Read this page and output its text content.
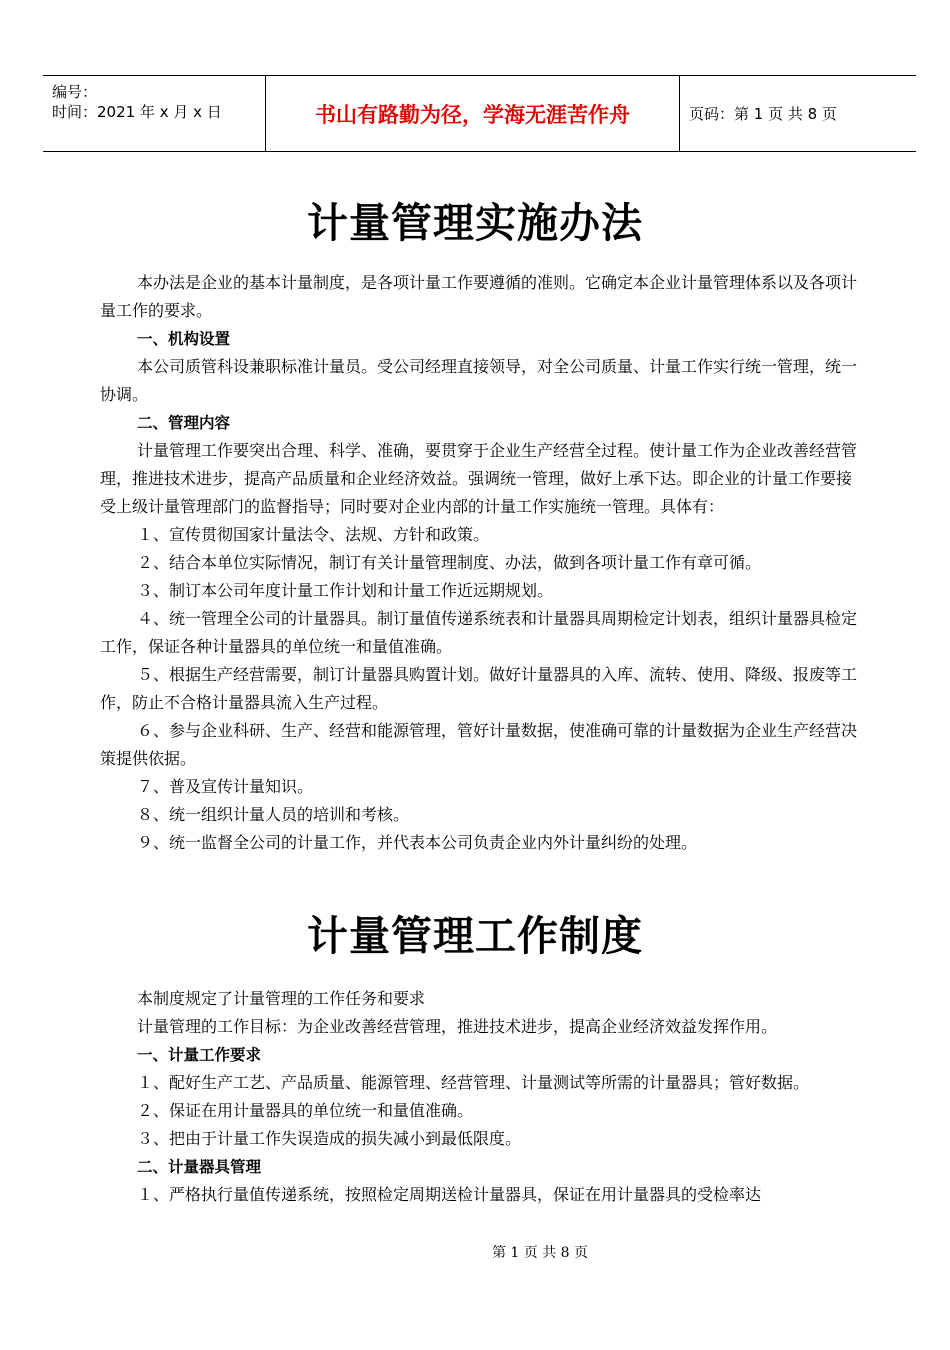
编号：
时间：2021 年 x 月 x 日	书山有路勤为径，学海无涯苦作舟	页码：第 1 页 共 8 页
计量管理实施办法

本办法是企业的基本计量制度，是各项计量工作要遵循的准则。它确定本企业计量管理体系以及各项计量工作的要求。

一、机构设置

本公司质管科设兼职标准计量员。受公司经理直接领导，对全公司质量、计量工作实行统一管理，统一协调。

二、管理内容

计量管理工作要突出合理、科学、准确，要贯穿于企业生产经营全过程。使计量工作为企业改善经营管理，推进技术进步，提高产品质量和企业经济效益。强调统一管理，做好上承下达。即企业的计量工作要接受上级计量管理部门的监督指导；同时要对企业内部的计量工作实施统一管理。具体有：

１、宣传贯彻国家计量法令、法规、方针和政策。

２、结合本单位实际情况，制订有关计量管理制度、办法，做到各项计量工作有章可循。

３、制订本公司年度计量工作计划和计量工作近远期规划。

４、统一管理全公司的计量器具。制订量值传递系统表和计量器具周期检定计划表，组织计量器具检定工作，保证各种计量器具的单位统一和量值准确。

５、根据生产经营需要，制订计量器具购置计划。做好计量器具的入库、流转、使用、降级、报废等工作，防止不合格计量器具流入生产过程。

６、参与企业科研、生产、经营和能源管理，管好计量数据，使准确可靠的计量数据为企业生产经营决策提供依据。

７、普及宣传计量知识。

８、统一组织计量人员的培训和考核。

９、统一监督全公司的计量工作，并代表本公司负责企业内外计量纠纷的处理。

计量管理工作制度

本制度规定了计量管理的工作任务和要求

计量管理的工作目标：为企业改善经营管理，推进技术进步，提高企业经济效益发挥作用。

一、计量工作要求

１、配好生产工艺、产品质量、能源管理、经营管理、计量测试等所需的计量器具；管好数据。

２、保证在用计量器具的单位统一和量值准确。

３、把由于计量工作失误造成的损失减小到最低限度。

二、计量器具管理

１、严格执行量值传递系统，按照检定周期送检计量器具，保证在用计量器具的受检率达

第 1 页 共 8 页
